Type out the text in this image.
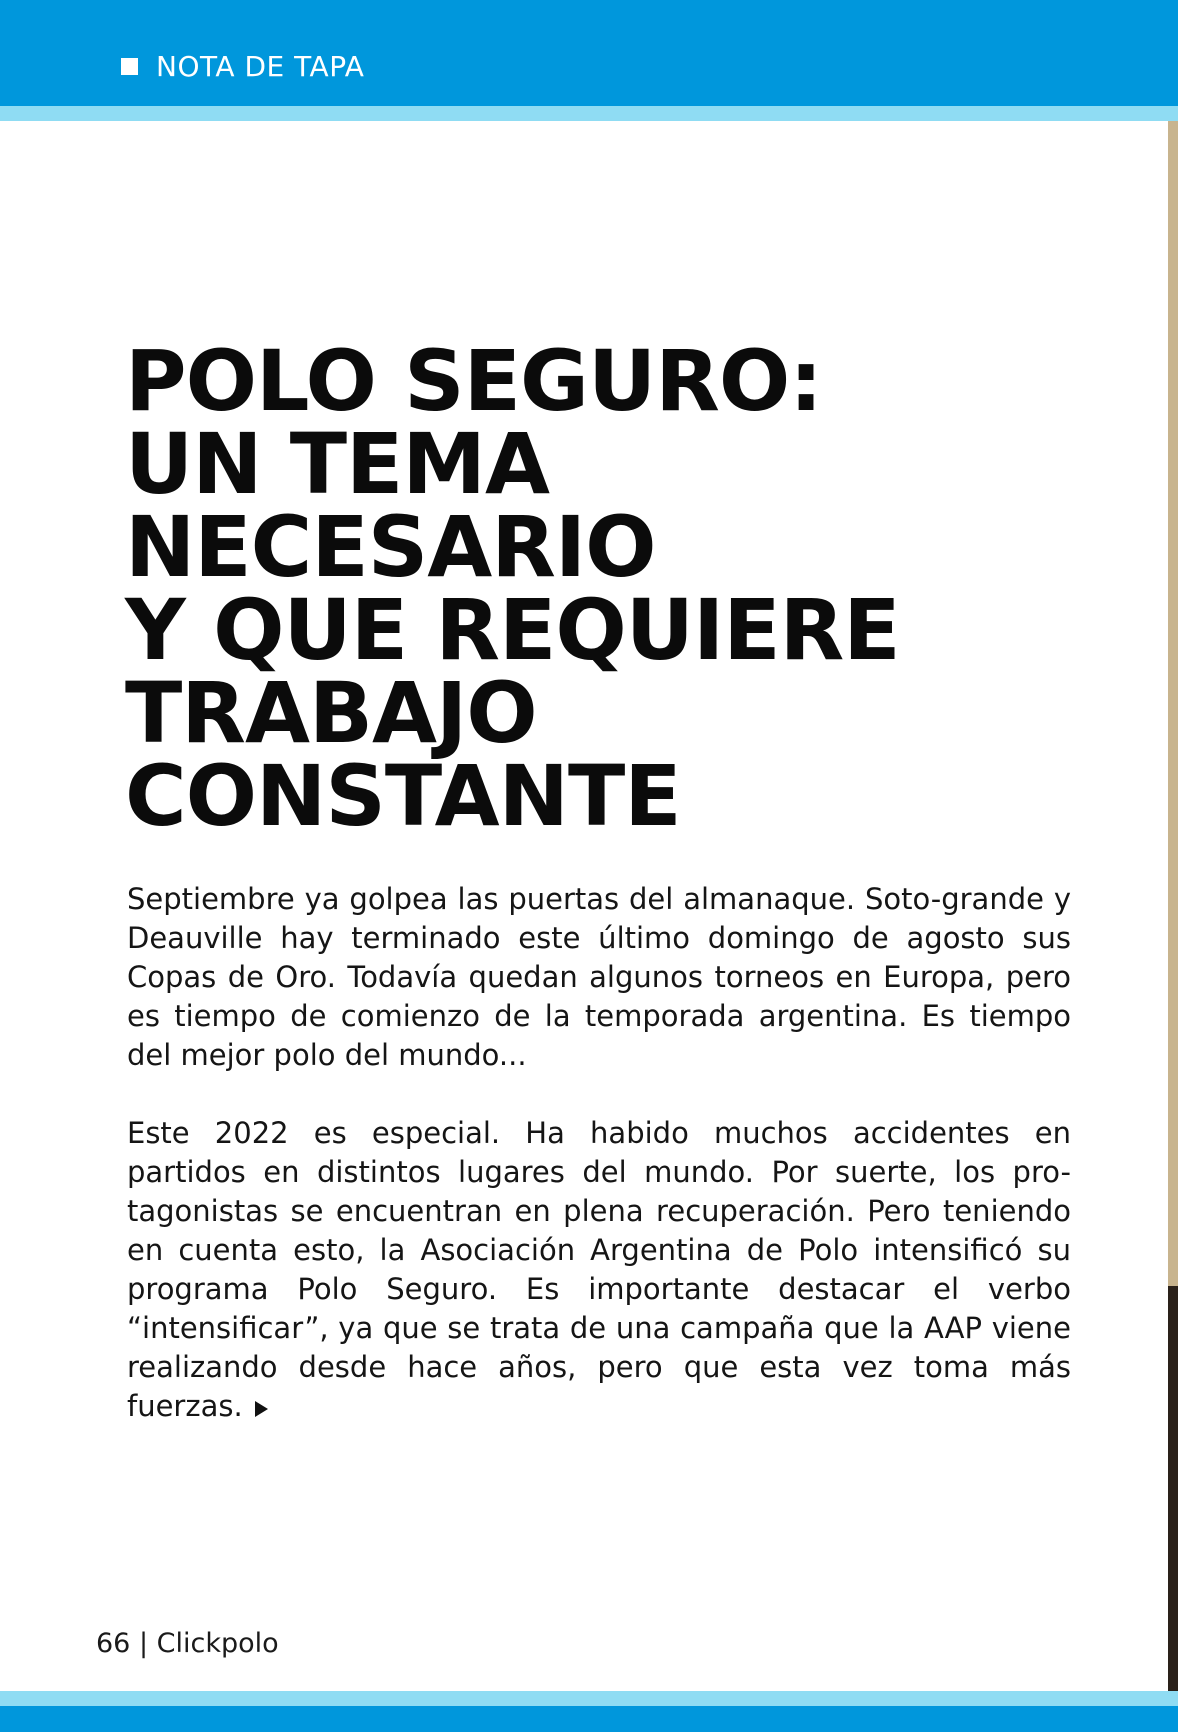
NOTA DE TAPA
POLO SEGURO:
UN TEMA
NECESARIO
Y QUE REQUIERE
TRABAJO
CONSTANTE

Septiembre ya golpea las puertas del almanaque. Soto-grande y Deauville hay terminado este último domingo de agosto sus Copas de Oro. Todavía quedan algunos torneos en Europa, pero es tiempo de comienzo de la temporada argentina. Es tiempo del mejor polo del mundo...

Este 2022 es especial. Ha habido muchos accidentes en partidos en distintos lugares del mundo. Por suerte, los pro-tagonistas se encuentran en plena recuperación. Pero teniendo en cuenta esto, la Asociación Argentina de Polo intensificó su programa Polo Seguro. Es importante destacar el verbo “intensificar”, ya que se trata de una campaña que la AAP viene realizando desde hace años, pero que esta vez toma más fuerzas.

66 | Clickpolo
